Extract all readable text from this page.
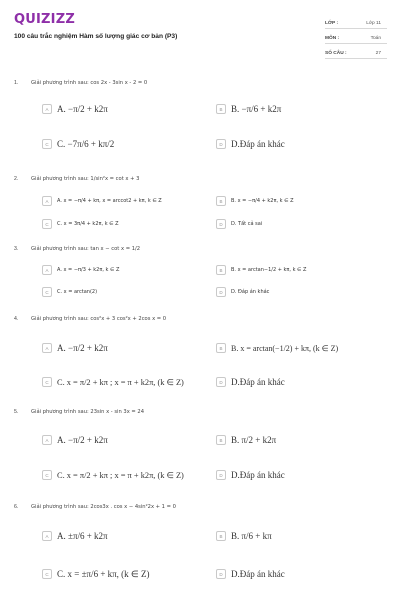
QUIZIZZ
100 câu trắc nghiệm Hàm số lượng giác cơ bản (P3)
LỚP :	Lớp 11
MÔN :	Toán
SỐ CÂU :	27
1. Giải phương trình sau: cos 2x - 3sin x - 2 = 0
A A. −π/2 + k2π	B B. −π/6 + k2π
C C. −7π/6 + kπ/2	D D.Đáp án khác
2. Giải phương trình sau: 1/sin²x = cot x + 3
A	A. x = −π/4 + kπ, x = arccot2 + kπ, k ∈ Z	B	B. x = −π/4 + k2π, k ∈ Z
C	C. x = 3π/4 + k2π, k ∈ Z	D	D. Tất cả sai
3. Giải phương trình sau: tan x − cot x = 1/2
A	A. x = −π/3 + k2π, k ∈ Z	B	B. x = arctan−1/2 + kπ, k ∈ Z
C	C. x = arctan(2)	D	D. Đáp án khác
4. Giải phương trình sau: cos²x + 3 cos²x + 2cos x = 0
A A. −π/2 + k2π	B	B. x = arctan(−1/2) + kπ, (k ∈ Z)
C C. x = π/2 + kπ ; x = π + k2π, (k ∈ Z)	D D.Đáp án khác
5. Giải phương trình sau: 23sin x - sin 3x = 24
A A. −π/2 + k2π	B B. π/2 + k2π
C C. x = π/2 + kπ ; x = π + k2π, (k ∈ Z)	D D.Đáp án khác
6. Giải phương trình sau: 2cos3x . cos x − 4sin²2x + 1 = 0
A A. ±π/6 + k2π	B B. π/6 + kπ
C C. x = ±π/6 + kπ, (k ∈ Z)	D D.Đáp án khác
